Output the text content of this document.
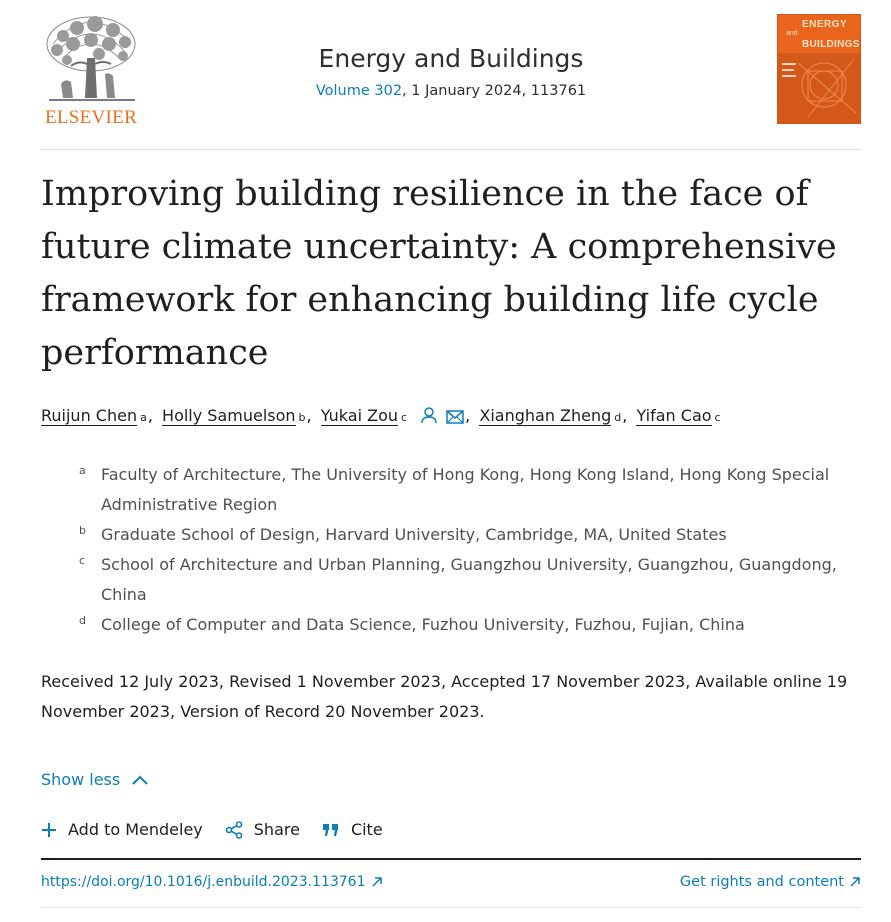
ELSEVIER
Energy and Buildings
Volume 302, 1 January 2024, 113761
ENERGY
and
BUILDINGS
Improving building resilience in the face of future climate uncertainty: A comprehensive framework for enhancing building life cycle performance
Ruijun Chen a , Holly Samuelson b , Yukai Zou c	, Xianghan Zheng d , Yifan Cao c
a Faculty of Architecture, The University of Hong Kong, Hong Kong Island, Hong Kong Special Administrative Region
b Graduate School of Design, Harvard University, Cambridge, MA, United States
c School of Architecture and Urban Planning, Guangzhou University, Guangzhou, Guangdong, China
d College of Computer and Data Science, Fuzhou University, Fuzhou, Fujian, China
Received 12 July 2023, Revised 1 November 2023, Accepted 17 November 2023, Available online 19 November 2023, Version of Record 20 November 2023.
Show less
Add to Mendeley	Share	Cite
https://doi.org/10.1016/j.enbuild.2023.113761	Get rights and content
